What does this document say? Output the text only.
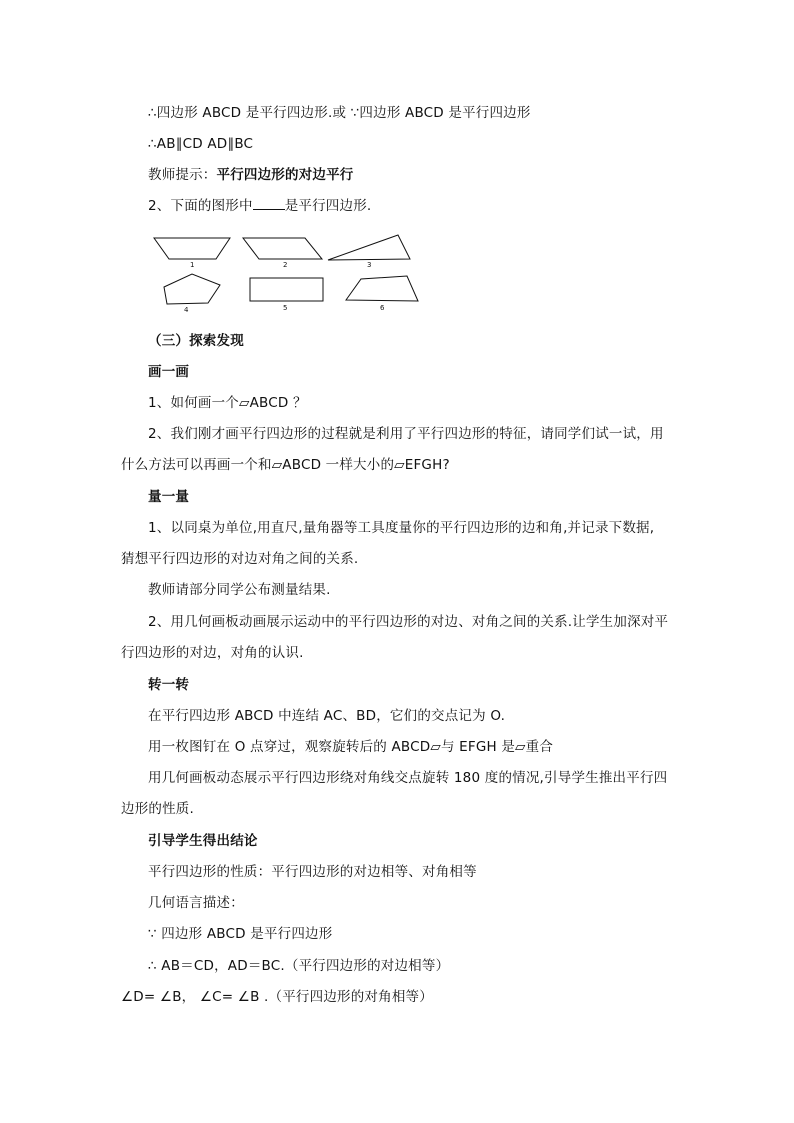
∴四边形 ABCD 是平行四边形.或 ∵四边形 ABCD 是平行四边形
∴AB∥CD AD∥BC
教师提示：平行四边形的对边平行
2、下面的图形中 是平行四边形.
1	2	3
4	5	6
（三）探索发现
画一画
1、如何画一个▱ABCD ？
2、我们刚才画平行四边形的过程就是利用了平行四边形的特征，请同学们试一试，用
什么方法可以再画一个和▱ABCD 一样大小的▱EFGH?
量一量
1、以同桌为单位,用直尺,量角器等工具度量你的平行四边形的边和角,并记录下数据,
猜想平行四边形的对边对角之间的关系.
教师请部分同学公布测量结果.
2、用几何画板动画展示运动中的平行四边形的对边、对角之间的关系.让学生加深对平
行四边形的对边，对角的认识.
转一转
在平行四边形 ABCD 中连结 AC、BD，它们的交点记为 O.
用一枚图钉在 O 点穿过，观察旋转后的 ABCD▱与 EFGH 是▱重合
用几何画板动态展示平行四边形绕对角线交点旋转 180 度的情况,引导学生推出平行四
边形的性质.
引导学生得出结论
平行四边形的性质：平行四边形的对边相等、对角相等
几何语言描述：
∵ 四边形 ABCD 是平行四边形
∴ AB＝CD，AD＝BC.（平行四边形的对边相等）
∠D= ∠B， ∠C= ∠B .（平行四边形的对角相等）
